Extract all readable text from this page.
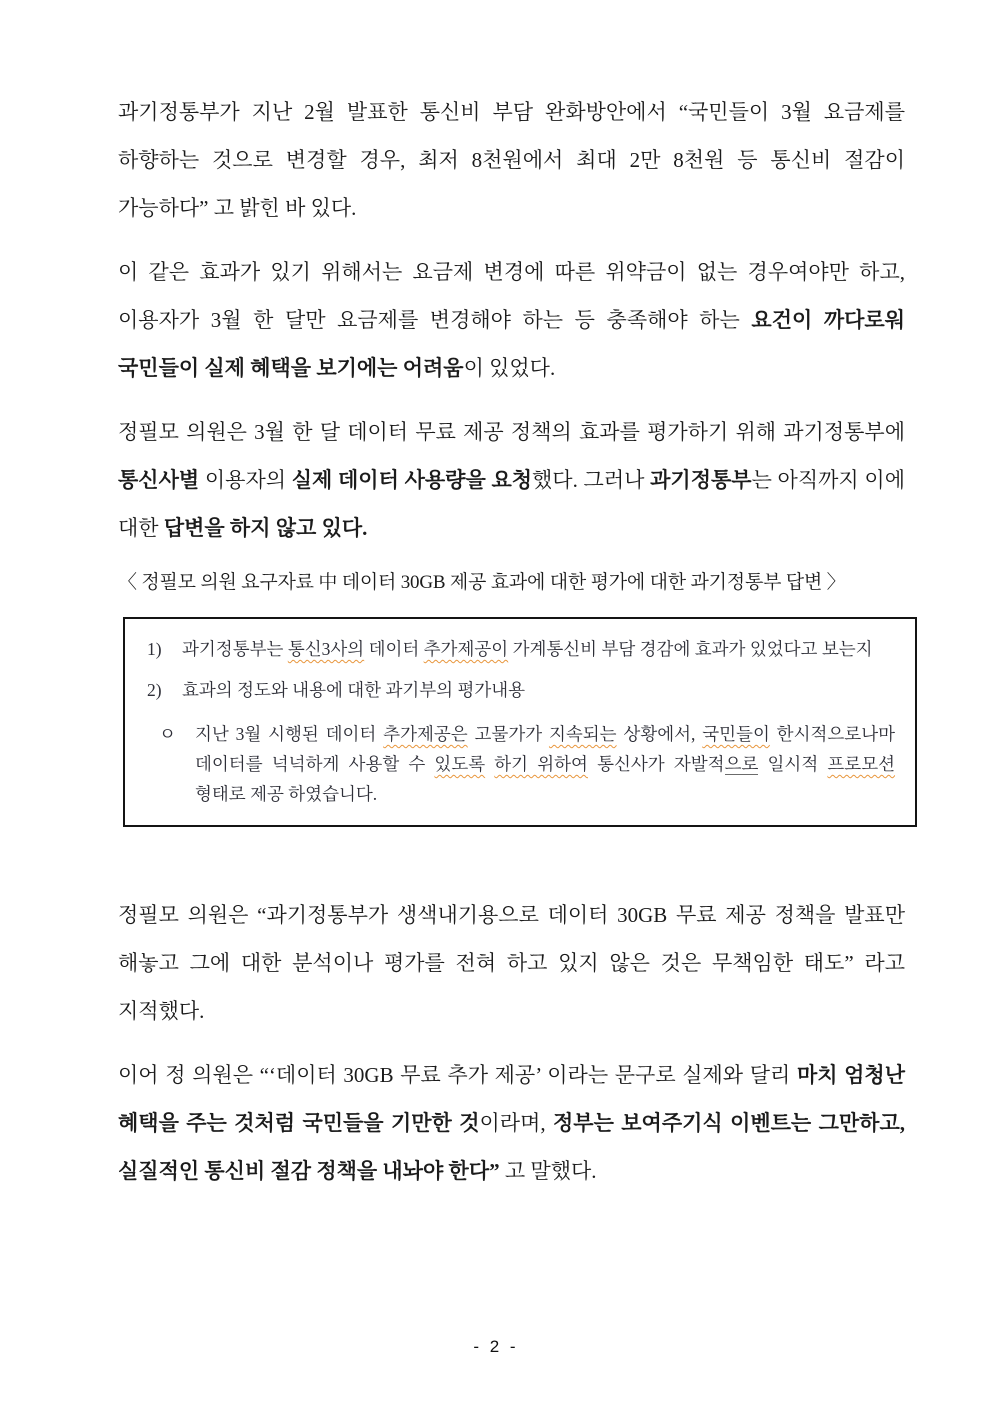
과기정통부가 지난 2월 발표한 통신비 부담 완화방안에서 “국민들이 3월 요금제를 하향하는 것으로 변경할 경우, 최저 8천원에서 최대 2만 8천원 등 통신비 절감이 가능하다” 고 밝힌 바 있다.

이 같은 효과가 있기 위해서는 요금제 변경에 따른 위약금이 없는 경우여야만 하고, 이용자가 3월 한 달만 요금제를 변경해야 하는 등 충족해야 하는 요건이 까다로워 국민들이 실제 혜택을 보기에는 어려움이 있었다.

정필모 의원은 3월 한 달 데이터 무료 제공 정책의 효과를 평가하기 위해 과기정통부에 통신사별 이용자의 실제 데이터 사용량을 요청했다. 그러나 과기정통부는 아직까지 이에 대한 답변을 하지 않고 있다.

〈 정필모 의원 요구자료 中 데이터 30GB 제공 효과에 대한 평가에 대한 과기정통부 답변 〉
1) 과기정통부는 통신3사의 데이터 추가제공이 가계통신비 부담 경감에 효과가 있었다고 보는지
2) 효과의 정도와 내용에 대한 과기부의 평가내용
ㅇ 지난 3월 시행된 데이터 추가제공은 고물가가 지속되는 상황에서, 국민들이 한시적으로나마 데이터를 넉넉하게 사용할 수 있도록 하기 위하여 통신사가 자발적으로 일시적 프로모션 형태로 제공 하였습니다.

정필모 의원은 “과기정통부가 생색내기용으로 데이터 30GB 무료 제공 정책을 발표만 해놓고 그에 대한 분석이나 평가를 전혀 하고 있지 않은 것은 무책임한 태도” 라고 지적했다.

이어 정 의원은 “‘데이터 30GB 무료 추가 제공’ 이라는 문구로 실제와 달리 마치 엄청난 혜택을 주는 것처럼 국민들을 기만한 것이라며, 정부는 보여주기식 이벤트는 그만하고, 실질적인 통신비 절감 정책을 내놔야 한다” 고 말했다.

- 2 -
